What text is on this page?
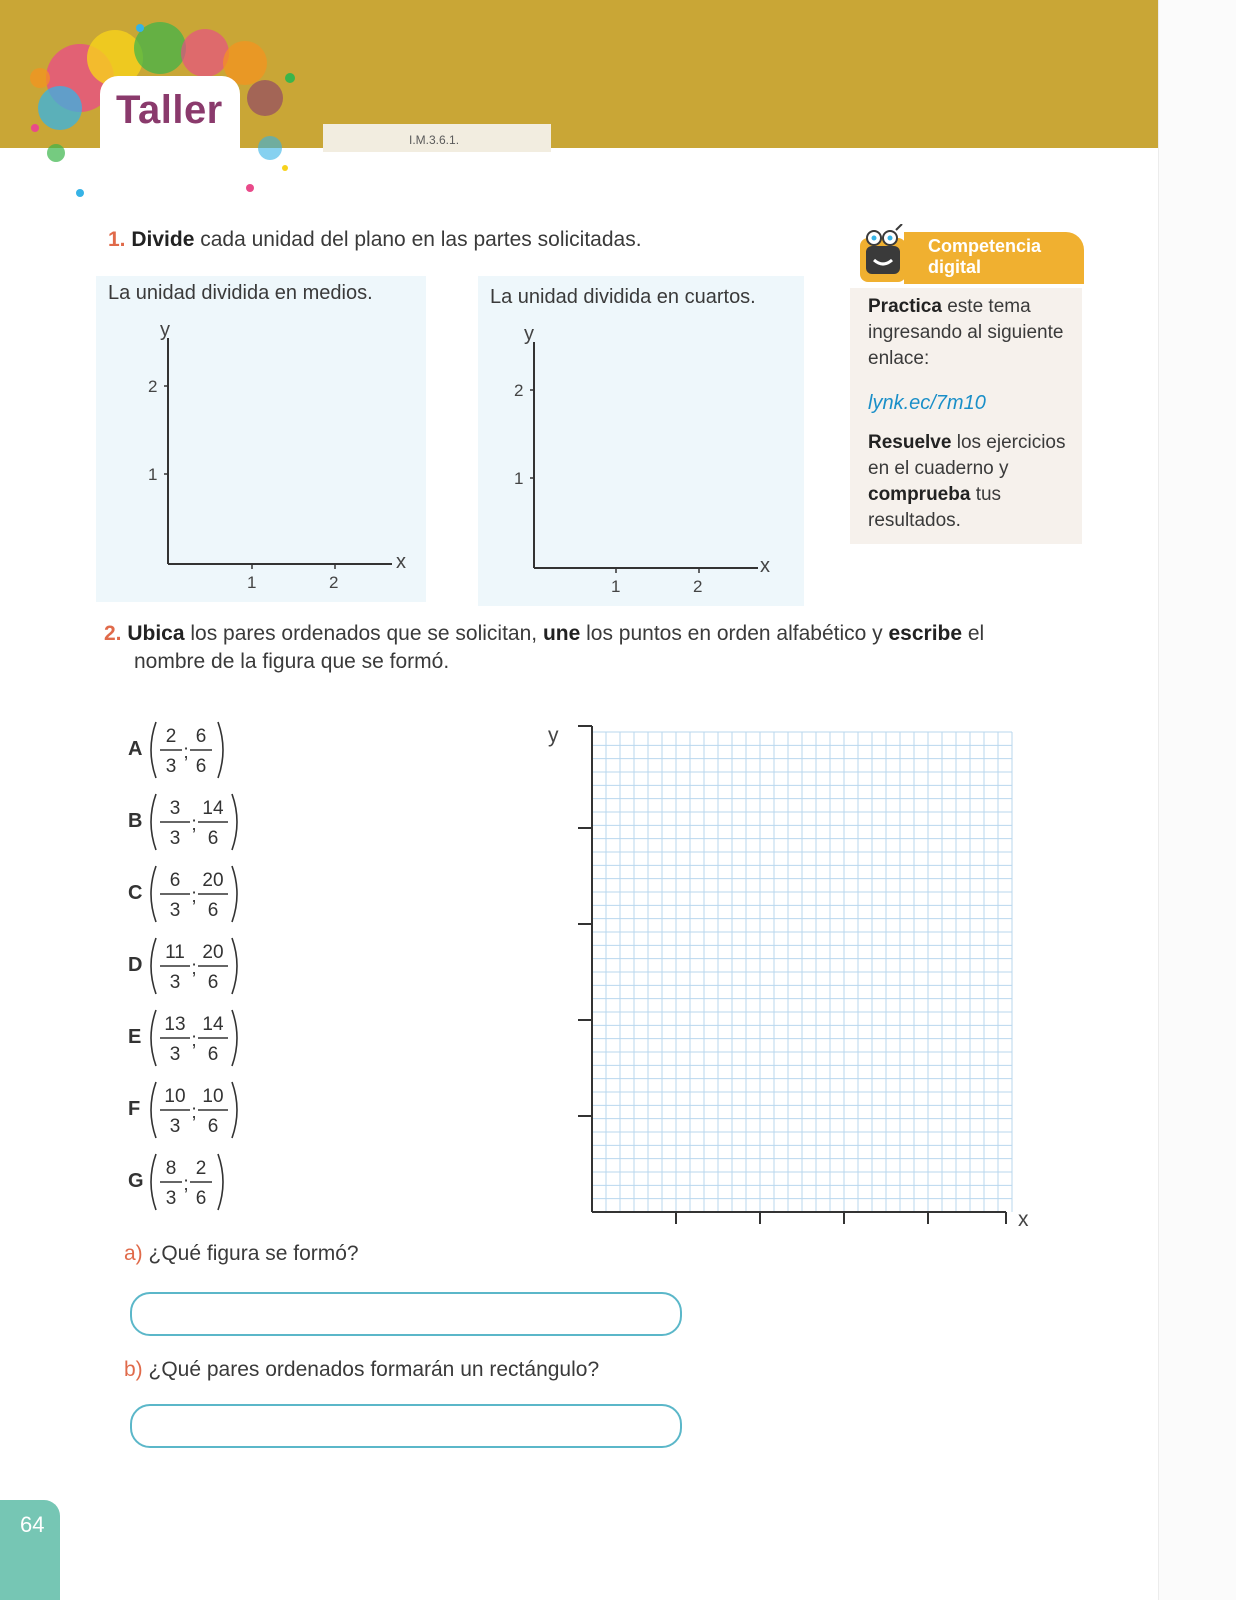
I.M.3.6.1.
Taller
1. Divide cada unidad del plano en las partes solicitadas.
La unidad dividida en medios.
y
x
2
1
1	2
La unidad dividida en cuartos.
y
x
2
1
1	2
Competencia
digital
Practica este tema
ingresando al siguiente
enlace:
lynk.ec/7m10
Resuelve los ejercicios
en el cuaderno y
comprueba tus
resultados.
2. Ubica los pares ordenados que se solicitan, une los puntos en orden alfabético y escribe el
nombre de la figura que se formó.
A
2
3
;
6
6
B
3
3
;
14
6
C
6
3
;
20
6
D
11
3
;
20
6
E
13
3
;
14
6
F
10
3
;
10
6
G
8
3
;
2
6
y
x
a) ¿Qué figura se formó?
b) ¿Qué pares ordenados formarán un rectángulo?
64
